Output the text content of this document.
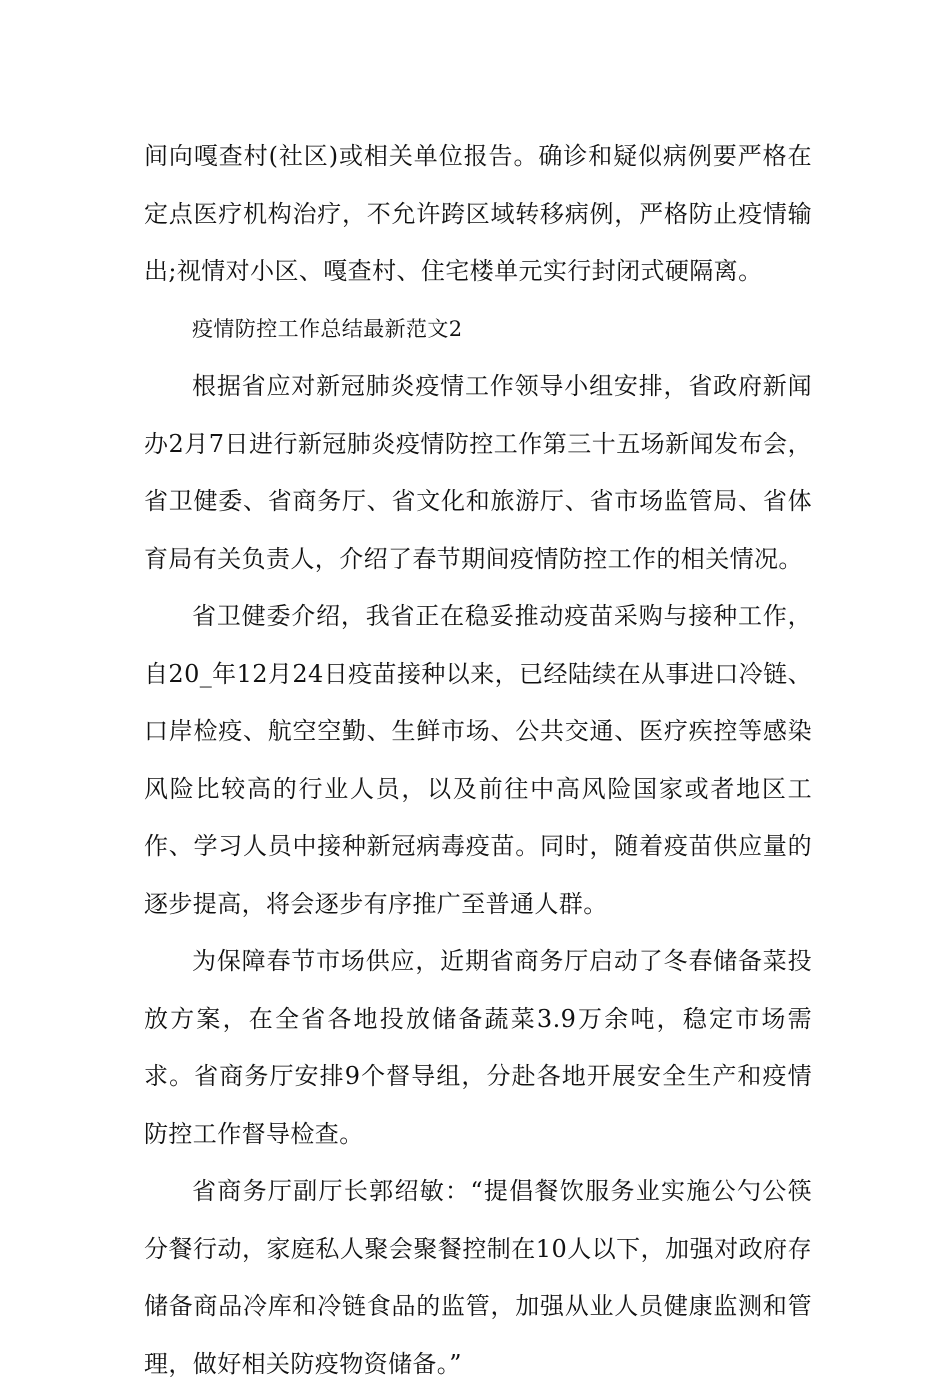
间向嘎查村(社区)或相关单位报告。确诊和疑似病例要严格在定点医疗机构治疗，不允许跨区域转移病例，严格防止疫情输出;视情对小区、嘎查村、住宅楼单元实行封闭式硬隔离。

疫情防控工作总结最新范文2

根据省应对新冠肺炎疫情工作领导小组安排，省政府新闻办2月7日进行新冠肺炎疫情防控工作第三十五场新闻发布会，省卫健委、省商务厅、省文化和旅游厅、省市场监管局、省体育局有关负责人，介绍了春节期间疫情防控工作的相关情况。

省卫健委介绍，我省正在稳妥推动疫苗采购与接种工作，自20_年12月24日疫苗接种以来，已经陆续在从事进口冷链、口岸检疫、航空空勤、生鲜市场、公共交通、医疗疾控等感染风险比较高的行业人员，以及前往中高风险国家或者地区工作、学习人员中接种新冠病毒疫苗。同时，随着疫苗供应量的逐步提高，将会逐步有序推广至普通人群。

为保障春节市场供应，近期省商务厅启动了冬春储备菜投放方案，在全省各地投放储备蔬菜3.9万余吨，稳定市场需求。省商务厅安排9个督导组，分赴各地开展安全生产和疫情防控工作督导检查。

省商务厅副厅长郭绍敏：“提倡餐饮服务业实施公勺公筷分餐行动，家庭私人聚会聚餐控制在10人以下，加强对政府存储备商品冷库和冷链食品的监管，加强从业人员健康监测和管理，做好相关防疫物资储备。”
